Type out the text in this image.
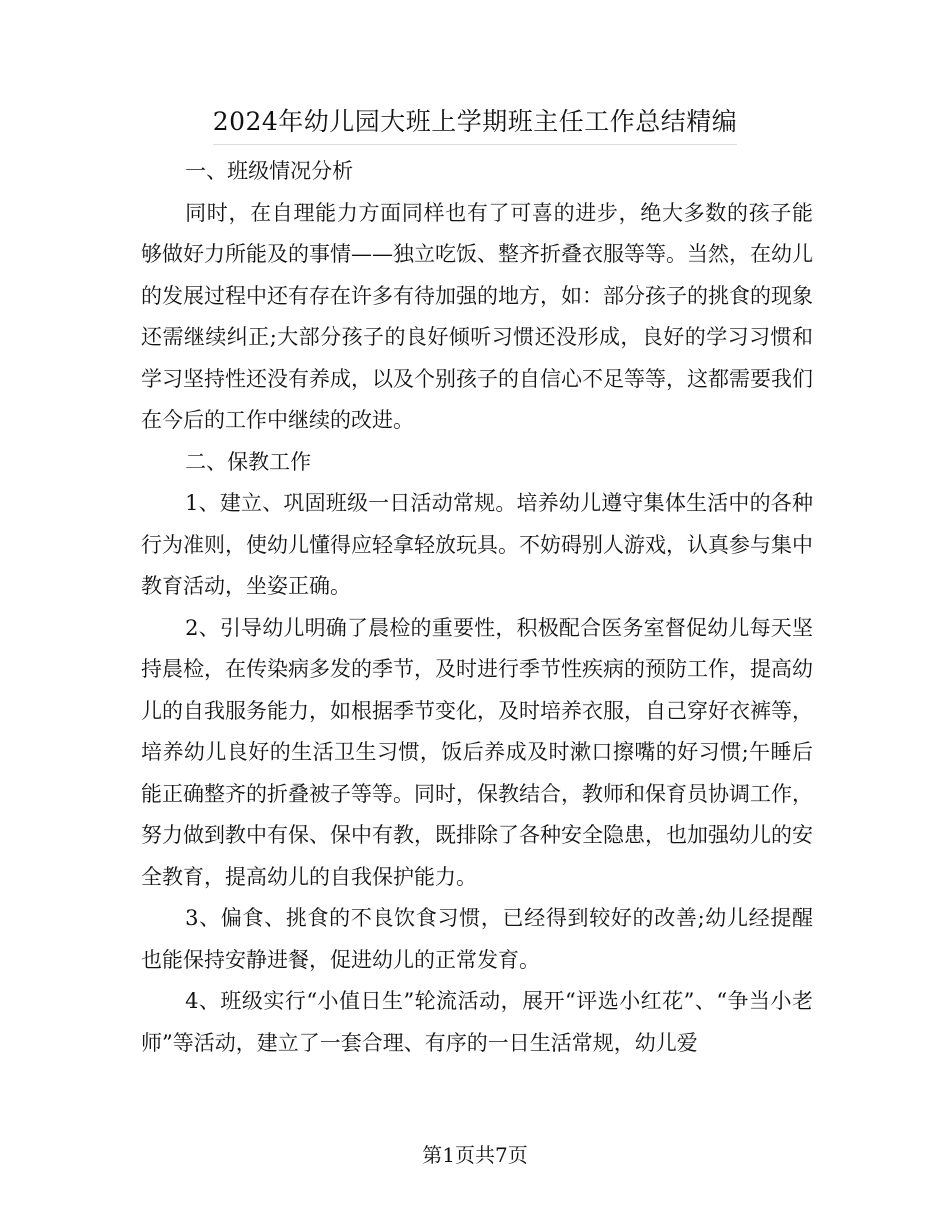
2024年幼儿园大班上学期班主任工作总结精编

一、班级情况分析

同时，在自理能力方面同样也有了可喜的进步，绝大多数的孩子能够做好力所能及的事情——独立吃饭、整齐折叠衣服等等。当然，在幼儿的发展过程中还有存在许多有待加强的地方，如：部分孩子的挑食的现象还需继续纠正;大部分孩子的良好倾听习惯还没形成，良好的学习习惯和学习坚持性还没有养成，以及个别孩子的自信心不足等等，这都需要我们在今后的工作中继续的改进。

二、保教工作

1、建立、巩固班级一日活动常规。培养幼儿遵守集体生活中的各种行为准则，使幼儿懂得应轻拿轻放玩具。不妨碍别人游戏，认真参与集中教育活动，坐姿正确。

2、引导幼儿明确了晨检的重要性，积极配合医务室督促幼儿每天坚持晨检，在传染病多发的季节，及时进行季节性疾病的预防工作，提高幼儿的自我服务能力，如根据季节变化，及时培养衣服，自己穿好衣裤等，培养幼儿良好的生活卫生习惯，饭后养成及时漱口擦嘴的好习惯;午睡后能正确整齐的折叠被子等等。同时，保教结合，教师和保育员协调工作，努力做到教中有保、保中有教，既排除了各种安全隐患，也加强幼儿的安全教育，提高幼儿的自我保护能力。

3、偏食、挑食的不良饮食习惯，已经得到较好的改善;幼儿经提醒也能保持安静进餐，促进幼儿的正常发育。

4、班级实行“小值日生”轮流活动，展开“评选小红花”、“争当小老师”等活动，建立了一套合理、有序的一日生活常规，幼儿爱

第1页共7页
